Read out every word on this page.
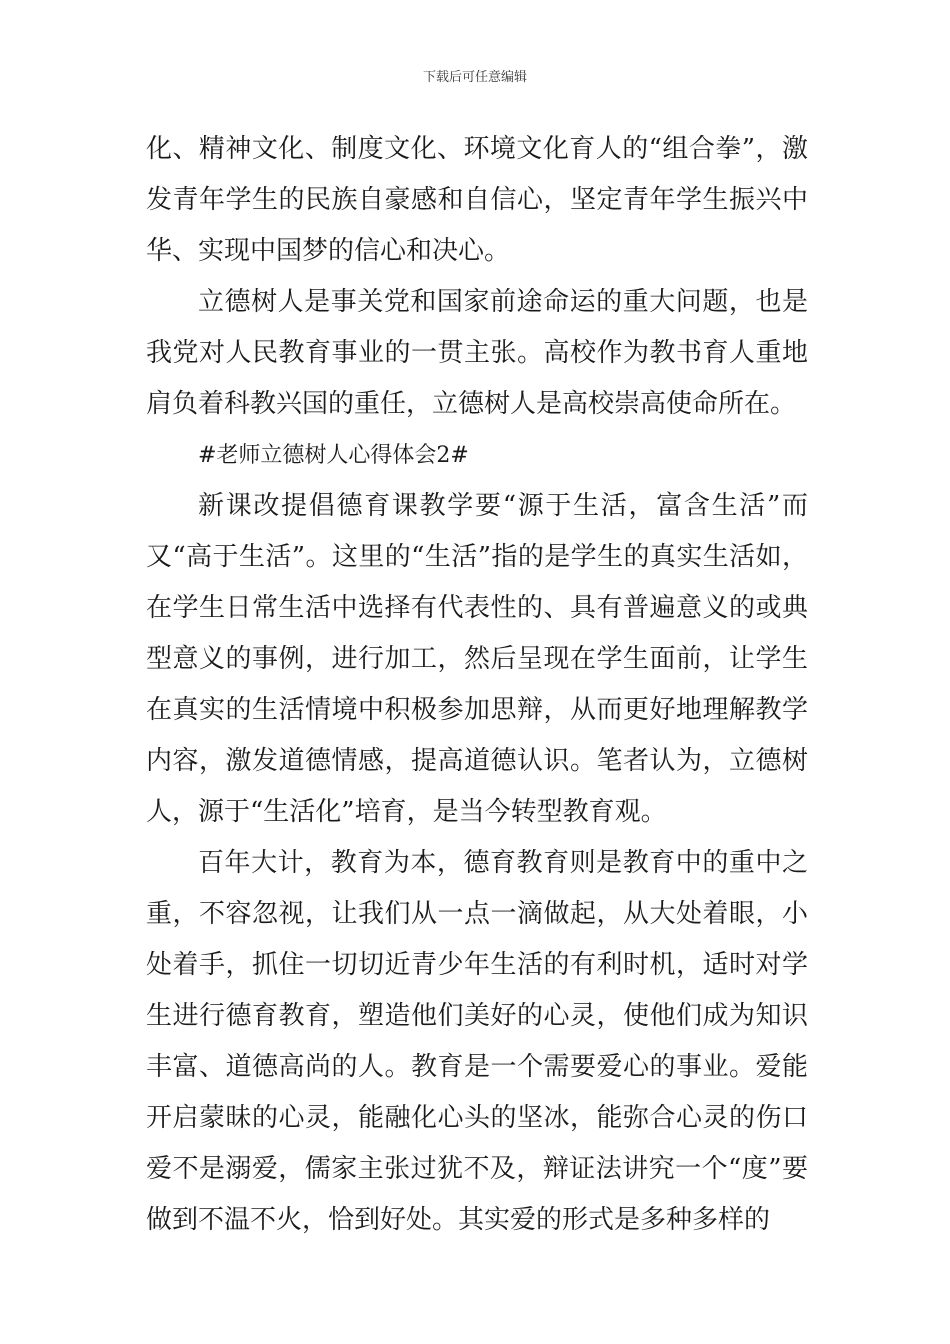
下载后可任意编辑

化、精神文化、制度文化、环境文化育人的“组合拳”，激发青年学生的民族自豪感和自信心，坚定青年学生振兴中华、实现中国梦的信心和决心。

立德树人是事关党和国家前途命运的重大问题，也是我党对人民教育事业的一贯主张。高校作为教书育人重地肩负着科教兴国的重任，立德树人是高校崇高使命所在。

#老师立德树人心得体会2#

新课改提倡德育课教学要“源于生活，富含生活”而又“高于生活”。这里的“生活”指的是学生的真实生活如，在学生日常生活中选择有代表性的、具有普遍意义的或典型意义的事例，进行加工，然后呈现在学生面前，让学生在真实的生活情境中积极参加思辩，从而更好地理解教学内容，激发道德情感，提高道德认识。笔者认为，立德树人，源于“生活化”培育，是当今转型教育观。

百年大计，教育为本，德育教育则是教育中的重中之重，不容忽视，让我们从一点一滴做起，从大处着眼，小处着手，抓住一切切近青少年生活的有利时机，适时对学生进行德育教育，塑造他们美好的心灵，使他们成为知识丰富、道德高尚的人。教育是一个需要爱心的事业。爱能开启蒙昧的心灵，能融化心头的坚冰，能弥合心灵的伤口爱不是溺爱，儒家主张过犹不及，辩证法讲究一个“度”要做到不温不火，恰到好处。其实爱的形式是多种多样的
